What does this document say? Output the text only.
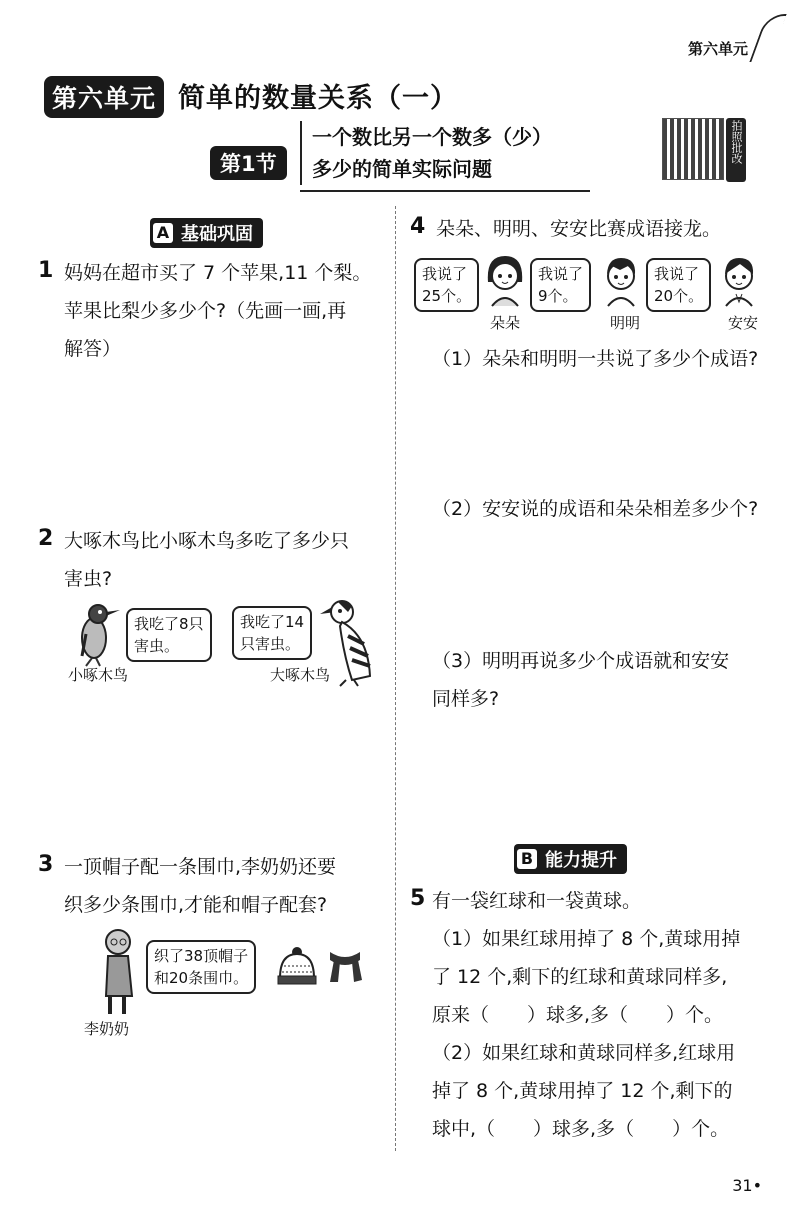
第六单元
第六单元 简单的数量关系（一）
第1节
一个数比另一个数多（少）
多少的简单实际问题
拍照批改
A 基础巩固
1 妈妈在超市买了 7 个苹果,11 个梨。
苹果比梨少多少个?（先画一画,再
解答）
2 大啄木鸟比小啄木鸟多吃了多少只
害虫?
我吃了8只
害虫。
小啄木鸟
我吃了14
只害虫。
大啄木鸟
3 一顶帽子配一条围巾,李奶奶还要
织多少条围巾,才能和帽子配套?
织了38顶帽子
和20条围巾。
李奶奶
4 朵朵、明明、安安比赛成语接龙。
我说了
25个。
朵朵
我说了
9个。
明明
我说了
20个。
安安
（1）朵朵和明明一共说了多少个成语?
（2）安安说的成语和朵朵相差多少个?
（3）明明再说多少个成语就和安安
同样多?
B 能力提升
5 有一袋红球和一袋黄球。
（1）如果红球用掉了 8 个,黄球用掉
了 12 个,剩下的红球和黄球同样多,
原来（　　）球多,多（　　）个。
（2）如果红球和黄球同样多,红球用
掉了 8 个,黄球用掉了 12 个,剩下的
球中,（　　）球多,多（　　）个。
31•
